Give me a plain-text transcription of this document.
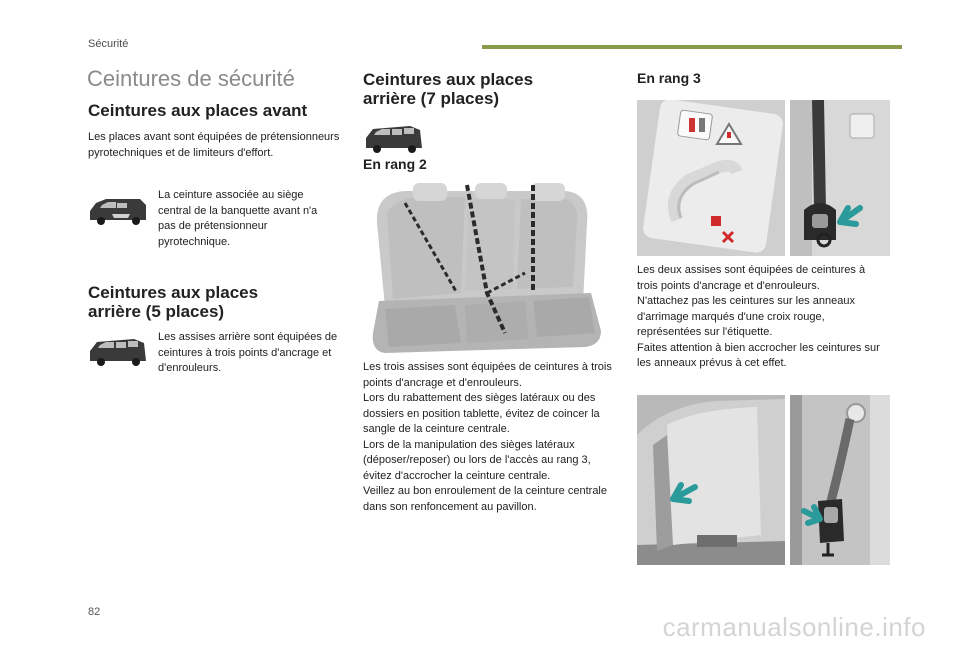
Sécurité
Ceintures de sécurité
Ceintures aux places avant
Les places avant sont équipées de prétensionneurs pyrotechniques et de limiteurs d'effort.
La ceinture associée au siège central de la banquette avant n'a pas de prétensionneur pyrotechnique.
Ceintures aux places arrière (5 places)
Les assises arrière sont équipées de ceintures à trois points d'ancrage et d'enrouleurs.
Ceintures aux places arrière (7 places)
En rang 2

Les trois assises sont équipées de ceintures à trois points d'ancrage et d'enrouleurs.

Lors du rabattement des sièges latéraux ou des dossiers en position tablette, évitez de coincer la sangle de la ceinture centrale.

Lors de la manipulation des sièges latéraux (déposer/reposer) ou lors de l'accès au rang 3, évitez d'accrocher la ceinture centrale.

Veillez au bon enroulement de la ceinture centrale dans son renfoncement au pavillon.

En rang 3

Les deux assises sont équipées de ceintures à trois points d'ancrage et d'enrouleurs.

N'attachez pas les ceintures sur les anneaux d'arrimage marqués d'une croix rouge, représentées sur l'étiquette.

Faites attention à bien accrocher les ceintures sur les anneaux prévus à cet effet.

82	carmanualsonline.info
